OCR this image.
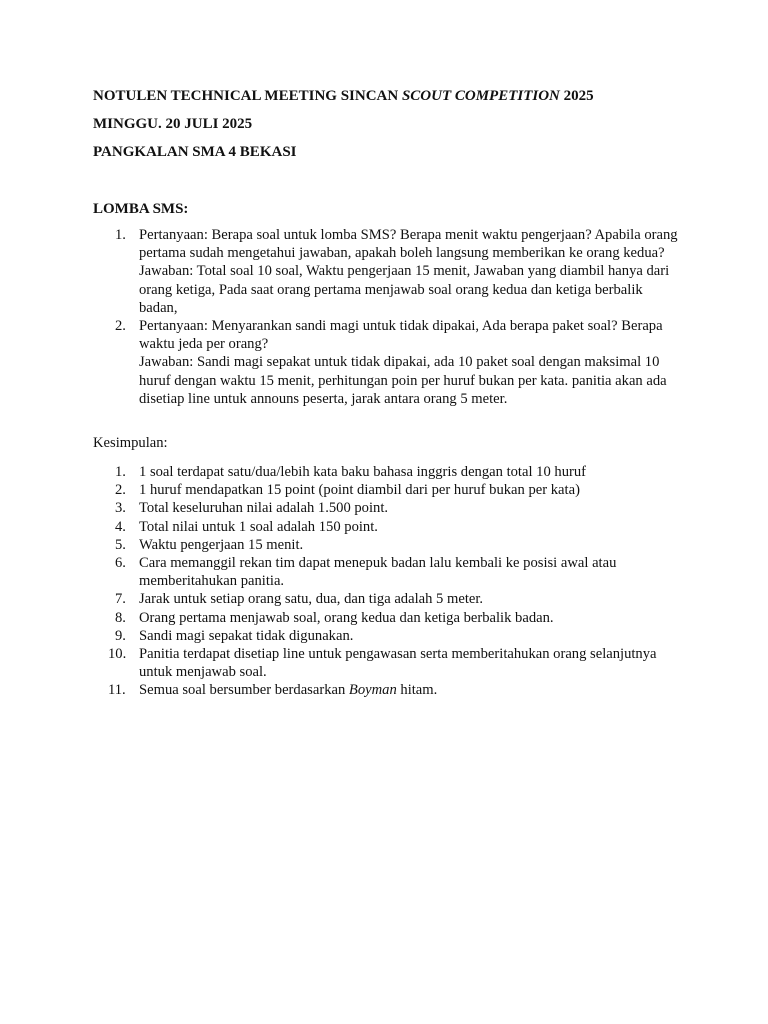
NOTULEN TECHNICAL MEETING SINCAN SCOUT COMPETITION 2025
MINGGU. 20 JULI 2025
PANGKALAN SMA 4 BEKASI
LOMBA SMS:
1. Pertanyaan: Berapa soal untuk lomba SMS? Berapa menit waktu pengerjaan? Apabila orang pertama sudah mengetahui jawaban, apakah boleh langsung memberikan ke orang kedua?
Jawaban: Total soal 10 soal, Waktu pengerjaan 15 menit, Jawaban yang diambil hanya dari orang ketiga, Pada saat orang pertama menjawab soal orang kedua dan ketiga berbalik badan,
2. Pertanyaan: Menyarankan sandi magi untuk tidak dipakai, Ada berapa paket soal? Berapa waktu jeda per orang?
Jawaban: Sandi magi sepakat untuk tidak dipakai, ada 10 paket soal dengan maksimal 10 huruf dengan waktu 15 menit, perhitungan poin per huruf bukan per kata. panitia akan ada disetiap line untuk announs peserta, jarak antara orang 5 meter.
Kesimpulan:
1. 1 soal terdapat satu/dua/lebih kata baku bahasa inggris dengan total 10 huruf
2. 1 huruf mendapatkan 15 point (point diambil dari per huruf bukan per kata)
3. Total keseluruhan nilai adalah 1.500 point.
4. Total nilai untuk 1 soal adalah 150 point.
5. Waktu pengerjaan 15 menit.
6. Cara memanggil rekan tim dapat menepuk badan lalu kembali ke posisi awal atau memberitahukan panitia.
7. Jarak untuk setiap orang satu, dua, dan tiga adalah 5 meter.
8. Orang pertama menjawab soal, orang kedua dan ketiga berbalik badan.
9. Sandi magi sepakat tidak digunakan.
10. Panitia terdapat disetiap line untuk pengawasan serta memberitahukan orang selanjutnya untuk menjawab soal.
11. Semua soal bersumber berdasarkan Boyman hitam.
